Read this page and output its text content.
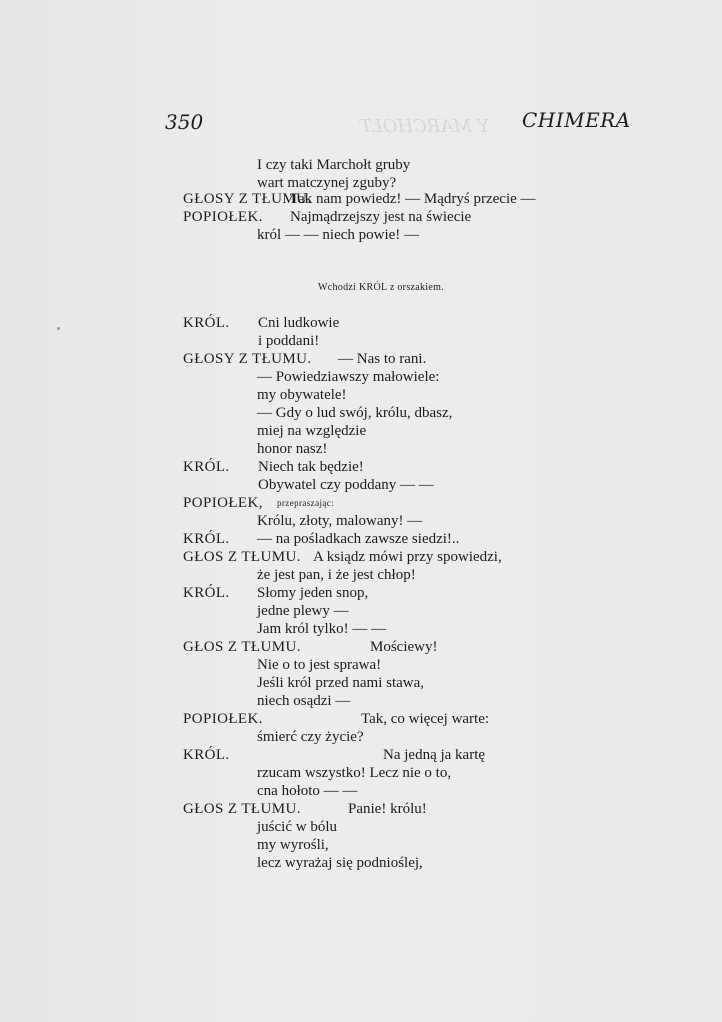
Y MARCHOŁT
350	CHIMERA
Wchodzi KRÓL z orszakiem.
I czy taki Marchołt gruby
wart matczynej zguby?
GŁOSY Z TŁUMU.
Tak nam powiedz! — Mądryś przecie —
POPIOŁEK. Najmądrzejszy jest na świecie
król — — niech powie! —
KRÓL. Cni ludkowie
i poddani!
GŁOSY Z TŁUMU. — Nas to rani.
— Powiedziawszy małowiele:
my obywatele!
— Gdy o lud swój, królu, dbasz,
miej na względzie
honor nasz!
KRÓL. Niech tak będzie!
Obywatel czy poddany — —
POPIOŁEK, przepraszając:
Królu, złoty, malowany! —
KRÓL. — na pośladkach zawsze siedzi!..
GŁOS Z TŁUMU. A ksiądz mówi przy spowiedzi,
że jest pan, i że jest chłop!
KRÓL. Słomy jeden snop,
jedne plewy —
Jam król tylko! — —
GŁOS Z TŁUMU.	Mościewy!
Nie o to jest sprawa!
Jeśli król przed nami stawa,
niech osądzi —
POPIOŁEK.	Tak, co więcej warte:
śmierć czy życie?
KRÓL.	Na jedną ja kartę
rzucam wszystko! Lecz nie o to,
cna hołoto — —
GŁOS Z TŁUMU.	Panie! królu!
juścić w bólu
my wyrośli,
lecz wyrażaj się podnioślej,
